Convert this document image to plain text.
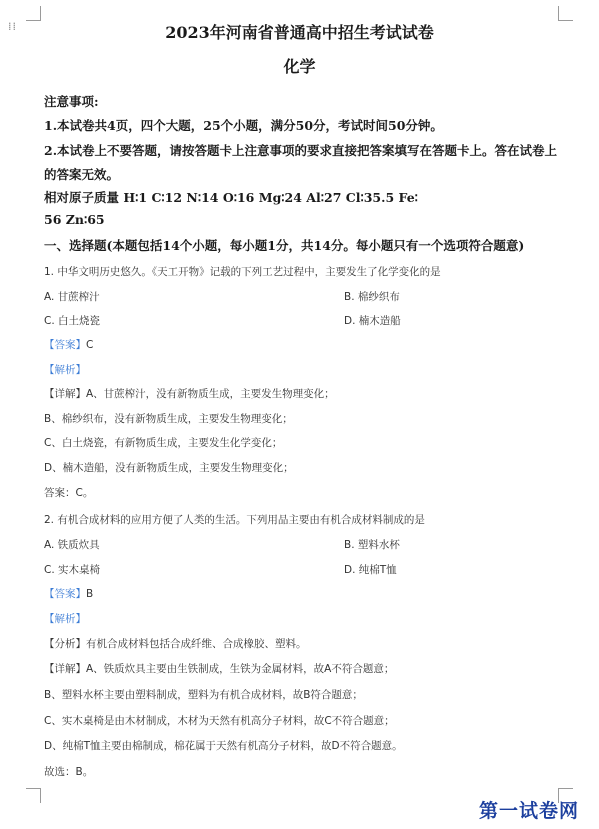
⁞⁞	2023年河南省普通高中招生考试试卷
化学
注意事项:
1.本试卷共4页，四个大题，25个小题，满分50分，考试时间50分钟。
2.本试卷上不要答题，请按答题卡上注意事项的要求直接把答案填写在答题卡上。答在试卷上
的答案无效。
相对原子质量 H∶1 C∶12 N∶14 O∶16 Mg∶24 Al∶27 Cl∶35.5 Fe∶
56 Zn∶65
一、选择题(本题包括14个小题，每小题1分，共14分。每小题只有一个选项符合题意)
1. 中华文明历史悠久。《天工开物》记载的下列工艺过程中，主要发生了化学变化的是
A. 甘蔗榨汁	B. 棉纱织布
C. 白土烧瓷	D. 楠木造船
【答案】C
【解析】
【详解】A、甘蔗榨汁，没有新物质生成，主要发生物理变化；
B、棉纱织布，没有新物质生成，主要发生物理变化；
C、白土烧瓷，有新物质生成，主要发生化学变化；
D、楠木造船，没有新物质生成，主要发生物理变化；
答案：C。
2. 有机合成材料的应用方便了人类的生活。下列用品主要由有机合成材料制成的是
A. 铁质炊具	B. 塑料水杯
C. 实木桌椅	D. 纯棉T恤
【答案】B
【解析】
【分析】有机合成材料包括合成纤维、合成橡胶、塑料。
【详解】A、铁质炊具主要由生铁制成，生铁为金属材料，故A不符合题意；
B、塑料水杯主要由塑料制成，塑料为有机合成材料，故B符合题意；
C、实木桌椅是由木材制成，木材为天然有机高分子材料，故C不符合题意；
D、纯棉T恤主要由棉制成，棉花属于天然有机高分子材料，故D不符合题意。
故选：B。
第一试卷网
